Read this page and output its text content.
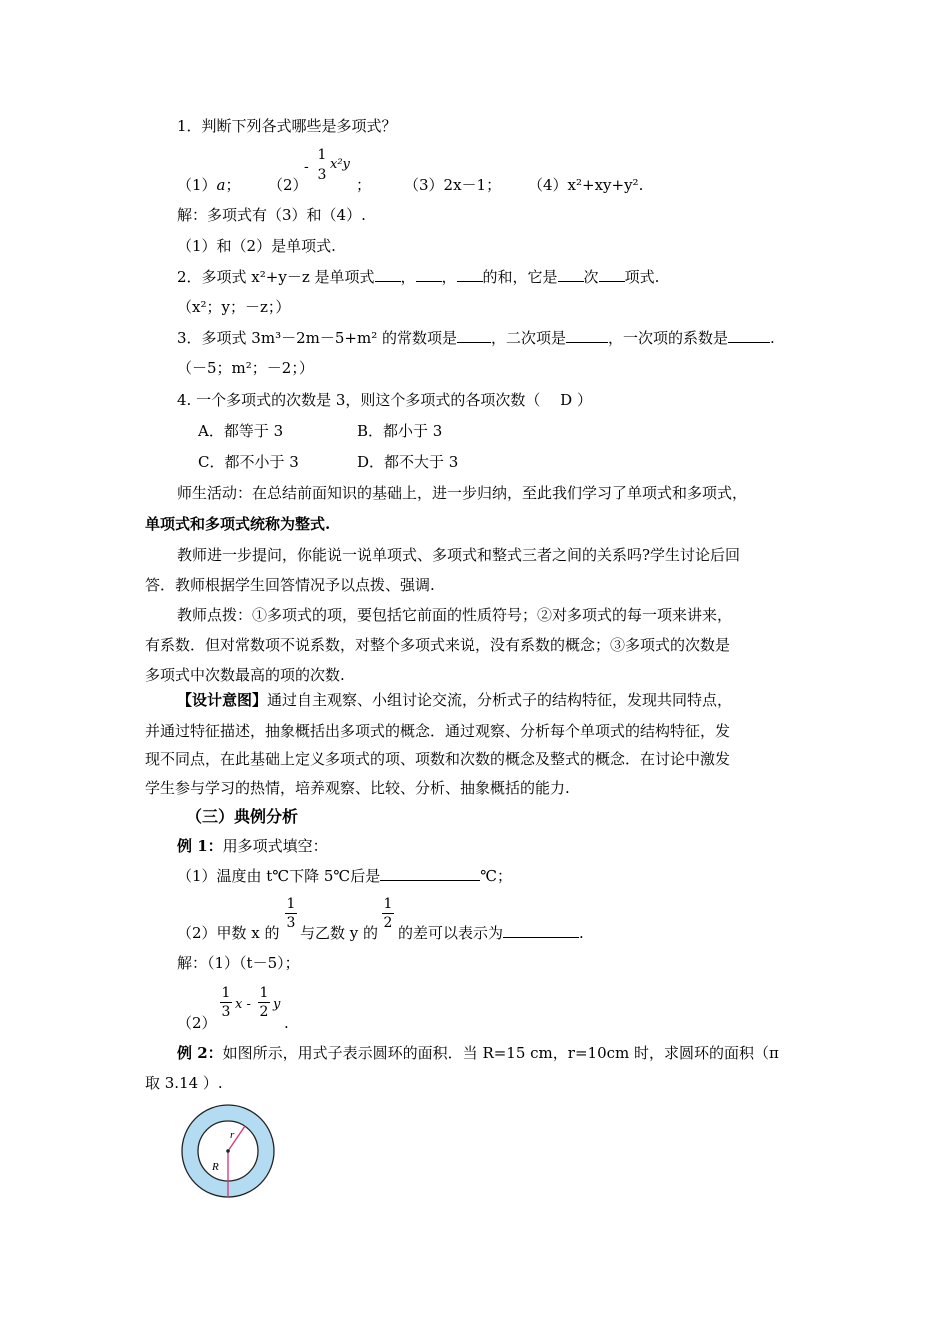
1．判断下列各式哪些是多项式？
（1）a； （2）
-
1
3
x²y
； （3）2x－1； （4）x²+xy+y².
解：多项式有（3）和（4）.
（1）和（2）是单项式.
2．多项式 x²+y－z 是单项式 ， ， 的和，它是 次 项式.
（x²；y；－z；）
3．多项式 3m³－2m－5+m² 的常数项是 ，二次项是	，一次项的系数是	.
（－5；m²；－2；）
4. 一个多项式的次数是 3，则这个多项式的各项次数（　 D ）
A．都等于 3	B．都小于 3
C．都不小于 3	D．都不大于 3
师生活动：在总结前面知识的基础上，进一步归纳，至此我们学习了单项式和多项式，
单项式和多项式统称为整式.
教师进一步提问，你能说一说单项式、多项式和整式三者之间的关系吗?学生讨论后回
答．教师根据学生回答情况予以点拨、强调.
教师点拨：①多项式的项，要包括它前面的性质符号；②对多项式的每一项来讲来，
有系数．但对常数项不说系数，对整个多项式来说，没有系数的概念；③多项式的次数是
多项式中次数最高的项的次数.
【设计意图】通过自主观察、小组讨论交流，分析式子的结构特征，发现共同特点，
并通过特征描述，抽象概括出多项式的概念．通过观察、分析每个单项式的结构特征，发
现不同点，在此基础上定义多项式的项、项数和次数的概念及整式的概念．在讨论中激发
学生参与学习的热情，培养观察、比较、分析、抽象概括的能力.
（三）典例分析
例 1：用多项式填空：
（1）温度由 t℃下降 5℃后是	℃；
（2）甲数 x 的
1
3
与乙数 y 的
1
2
的差可以表示为	.
解：（1）（t－5）；
（2）
1
3 x -
1
2 y
.
例 2：如图所示，用式子表示圆环的面积．当 R=15 cm，r=10cm 时，求圆环的面积（π
取 3.14 ）.
r
R
